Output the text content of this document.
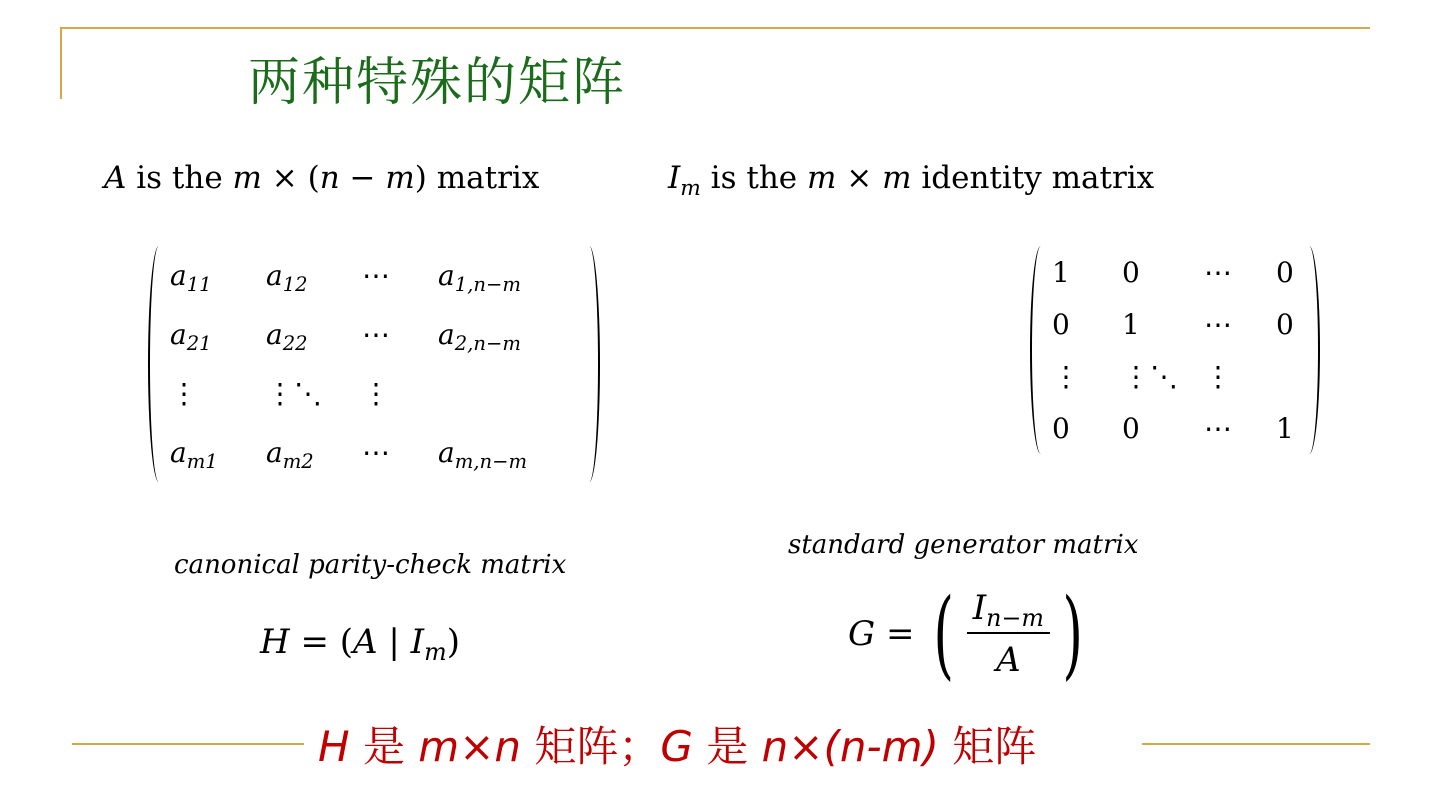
两种特殊的矩阵
A is the m × (n − m) matrix	$I_m$ is the m × m identity matrix
$a_{11}$	$a_{12}$	⋯	$a_{1,n-m}$
$a_{21}$	$a_{22}$	⋯	$a_{2,n-m}$
⋮	⋮⋱	⋮
$a_{m1}$	$a_{m2}$	⋯	$a_{m,n-m}$
1	0	⋯	0
0	1	⋯	0
⋮	⋮⋱ ⋮
0	0	⋯	1
canonical parity-check matrix
standard generator matrix
H = (A | $I_m$)	G = ( $\frac{I_{n-m}}{A}$ )
H 是 m×n 矩阵；G 是 n×(n-m) 矩阵
